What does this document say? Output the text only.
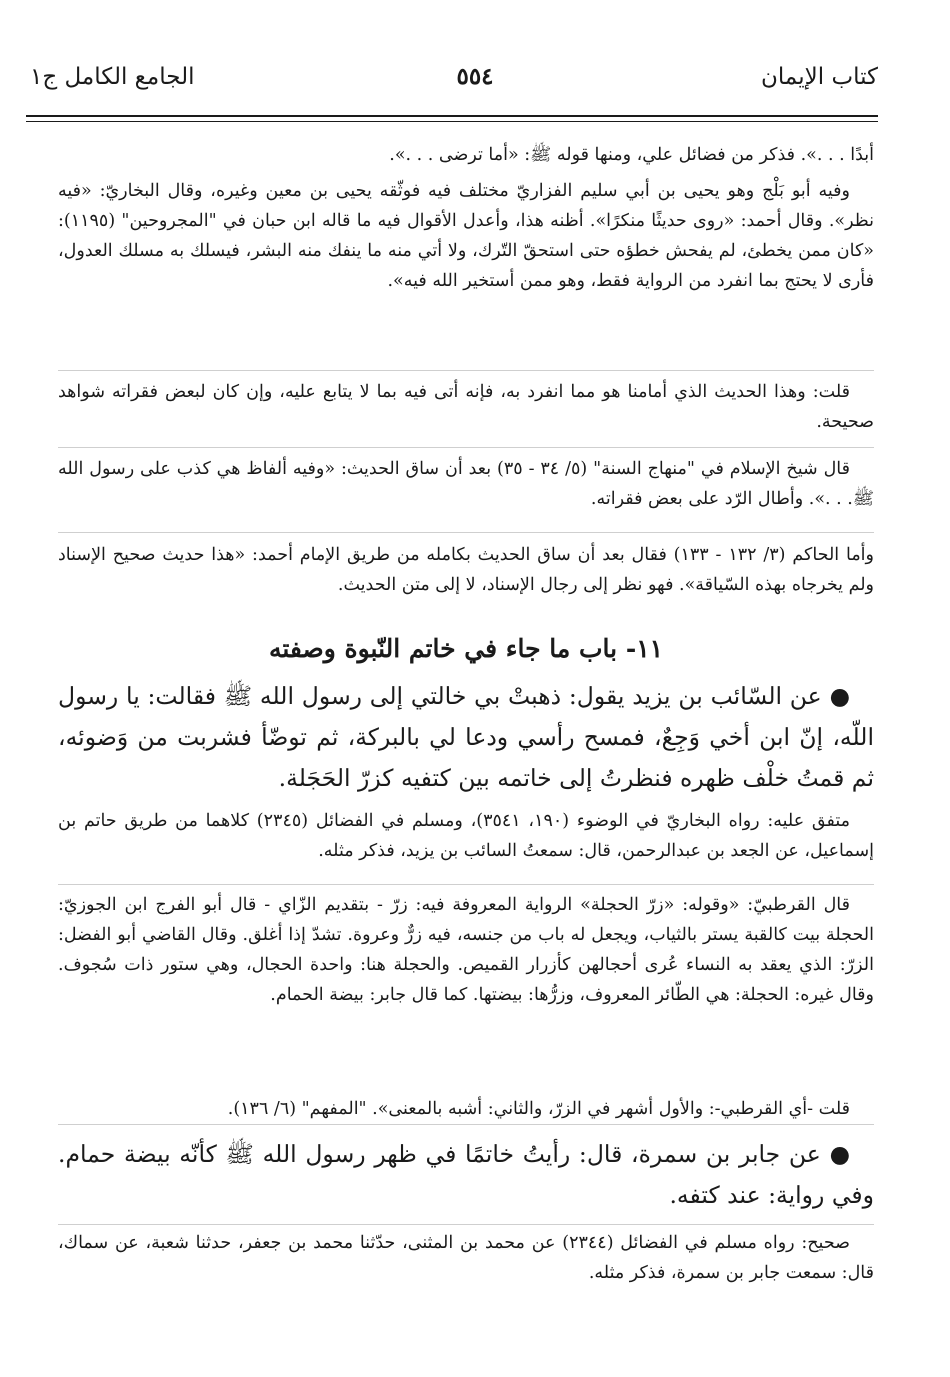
كتاب الإيمان
٥٥٤
الجامع الكامل ج١
أبدًا . . .». فذكر من فضائل علي، ومنها قوله ﷺ: «أما ترضى . . .».
وفيه أبو بَلْج وهو يحيى بن أبي سليم الفزاريّ مختلف فيه فوثّقه يحيى بن معين وغيره، وقال البخاريّ: «فيه نظر». وقال أحمد: «روى حديثًا منكرًا». أظنه هذا، وأعدل الأقوال فيه ما قاله ابن حبان في "المجروحين" (١١٩٥): «كان ممن يخطئ، لم يفحش خطؤه حتى استحقّ التّرك، ولا أتي منه ما ينفك منه البشر، فيسلك به مسلك العدول، فأرى لا يحتج بما انفرد من الرواية فقط، وهو ممن أستخير الله فيه».
قلت: وهذا الحديث الذي أمامنا هو مما انفرد به، فإنه أتى فيه بما لا يتابع عليه، وإن كان لبعض فقراته شواهد صحيحة.
قال شيخ الإسلام في "منهاج السنة" (٥/ ٣٤ - ٣٥) بعد أن ساق الحديث: «وفيه ألفاظ هي كذب على رسول الله ﷺ. . .». وأطال الرّد على بعض فقراته.
وأما الحاكم (٣/ ١٣٢ - ١٣٣) فقال بعد أن ساق الحديث بكامله من طريق الإمام أحمد: «هذا حديث صحيح الإسناد ولم يخرجاه بهذه السّياقة». فهو نظر إلى رجال الإسناد، لا إلى متن الحديث.
١١- باب ما جاء في خاتم النّبوة وصفته
● عن السّائب بن يزيد يقول: ذهبتْ بي خالتي إلى رسول الله ﷺ فقالت: يا رسول اللّه، إنّ ابن أخي وَجِعٌ، فمسح رأسي ودعا لي بالبركة، ثم توضّأ فشربت من وَضوئه، ثم قمتُ خلْف ظهره فنظرتُ إلى خاتمه بين كتفيه كزرّ الحَجَلة.
متفق عليه: رواه البخاريّ في الوضوء (١٩٠، ٣٥٤١)، ومسلم في الفضائل (٢٣٤٥) كلاهما من طريق حاتم بن إسماعيل، عن الجعد بن عبدالرحمن، قال: سمعتُ السائب بن يزيد، فذكر مثله.
قال القرطبيّ: «وقوله: «زرّ الحجلة» الرواية المعروفة فيه: زرّ - بتقديم الزّاي - قال أبو الفرج ابن الجوزيّ: الحجلة بيت كالقبة يستر بالثياب، ويجعل له باب من جنسه، فيه زرٌّ وعروة. تشدّ إذا أغلق. وقال القاضي أبو الفضل: الزرّ: الذي يعقد به النساء عُرى أحجالهن كأزرار القميص. والحجلة هنا: واحدة الحجال، وهي ستور ذات سُجوف. وقال غيره: الحجلة: هي الطّائر المعروف، وزرُّها: بيضتها. كما قال جابر: بيضة الحمام.
قلت -أي القرطبي-: والأول أشهر في الزرّ، والثاني: أشبه بالمعنى». "المفهم" (٦/ ١٣٦).
● عن جابر بن سمرة، قال: رأيتُ خاتمًا في ظهر رسول الله ﷺ كأنّه بيضة حمام. وفي رواية: عند كتفه.
صحيح: رواه مسلم في الفضائل (٢٣٤٤) عن محمد بن المثنى، حدّثنا محمد بن جعفر، حدثنا شعبة، عن سماك، قال: سمعت جابر بن سمرة، فذكر مثله.
